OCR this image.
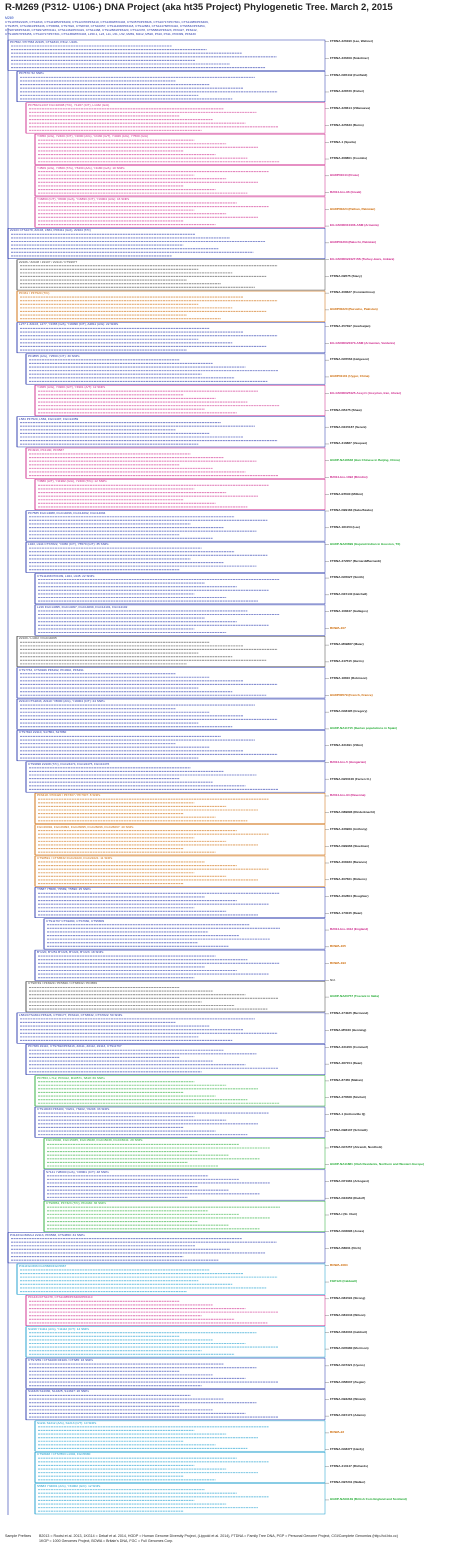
R-M269 (P312- U106-) DNA Project (aka ht35 Project) Phylogenetic Tree. March 2, 2015
M269
CTS1078/Z2105, CTS1843, CTS11985/PF6409, CTS12478/PF6410, CTS1380/PF6403, CTS3575/PF6526, CTS10717/PF7301, CTS11985/PF6409,
CTS3575, CTS4364/PF6436, CTS5884, CTS7822, CTS8728, CTS10057, CTS11468/PF6418, CTS12884, CTS12478/PF6410, CTS6532/PF6454,
CTS8728/PF6449, CTS9972/PF6411, CTS11462/PF6419, CTS11468, CTS12884/PF6420, CTS12478, CTS5884/PF6423, PF6427, PF6442,
CTS10057/PF6456, CTS10717/PF7301, CTS1380/PF6403, L150.1, L23, L11, L51, L52, M269, M412, M520, P310, P311, PF6399, PF6430
PF7562 / PF7563 Z2105, CTS1843, P312- U106-
PF7570: 52 SNPs
PF7562/L1347 FGC10908 (T/C), Y1267 (C/T), L1432 (G/A)
Y3050 (A/G), Y2400 (C/T), Y4000 (A/G), Y2430 (G/T), Y4049 (A/G), Y7500 (G/A)
Y4509 (A/G), Y4500 (T/G), Y5430 (A/G), Y4180 (G/A): 10 SNPs
Y16860 (C/T), Y8000 (G/A), Y16893 (C/T), Y19004 (A/G): 16 SNPs
Z2103 CTS1078, Z2103, L584, PF6411 (G/A), Z2104 (T/C)
Z2106 / Z2108 / Z2107 / Z2110 / CTS9977
PF331 / PF7520 (T/C)
L277.1 Z2103, L277, Y4365 (G/A), Y19090 (C/T), A4811 (A/G): 22 SNPs
PF4855 (A/G), Y2560 (C/T): 30 SNPs
Y4365 (A/G), Y4900 (G/T), Y4901 (A/T): 12 SNPs
L584 PF7520, L584, FGC1407, FGC14359
PF4916, PF4190, PF6587
Y3880 (A/T), Y11902 (G/A), Y2400 (T/G): 12 SNPs
PF7585 FGC14088, FGC14096, FGC14092, FGC14094
L943, L944 CTS7822, Y3450 (C/T), Y5570 (G/T): 35 SNPs
CTS11468 PF6439, L944, L945: 22 SNPs
L216 FGC14095, FGC14097, FGC14099, FGC14101, FGC14102
Z2109 / L1002 / FGC14065
CTS7763, CTS9946 PF6492, PF4902, PF6491
Z2110 CTS1843, Z2110: Y8000 (A/G), Y19004 (C/T): 24 SNPs
CTS7822 Z2110, S17864, S17860
CTS9996 Z2108 (T/C), FGC24474, FGC24475, FGC24476
PF6418 / PF6420 / PF7307 / PF7307: 8 SNPs
FGC26094, FGC26093, FGC26095, FGC26096, FGC26097: 40 SNPs
CTS8591 / CTS6532 FGC21020, FGC21021: 11 SNPs
Y5587 Y5588, Y5589, Y5590: 25 SNPs
CTS11767 CTS9290, CTS7660, CTS5809
BY220, BY251 BY226, BY224, BY223: 18 SNPs
CTS8749 / PF3629 / PF5820 / CTS6532 / PF3659
L584/CTS4364 PF5426, CTS5177, PF6410, CTS6532, CTS7822: 50 SNPs
PF7389 Z2110, CTS7822/PF6416, Z2111, Z2112, Z2113, CTS11767
PF7653, L712, PF6412, M10571, S818: 66 SNPs
CTS10033 PF6400, Y6201, Y6202, Y6203: 33 SNPs
FGC15040, FGC15035, FGC15038, FGC15039, FGC15041: 29 SNPs
S7141 Y28000 (G/A), Y28001 (C/T): 48 SNPs
CTS8954, PF7323 (T/C), PF2430: 36 SNPs
P314/FGC666/L2 Z2113, PF6568, CTS4650: 34 SNPs
P311FGC666 FGC5666/FGC5667
PF1431/CTS1078, CTS11985/PF6409/PF6410
S1199 Y11111 (A/G), Y11112 (C/T): 14 SNPs
CTS7259 / CTS1008 DF109 / CTS85: 16 SNPs
S14326 S14330, S14325, S14327: 20 SNPs
S1211 S1212 (A/G), S1213 (C/T): 10 SNPs
CTS8948 / CTS7863 L1302, FGC5680
S5683 Y34001 (A/G), Y34002 (G/C): 12 SNPs
FTDNA-226190 (Lee, Wehner)
FTDNA-236409 (Sokoliner)
FTDNA-N35442 (Fairfield)
FTDNA-228720 (Fisher)
FTDNA-228614 (Villanueva)
FTDNA-225633 (Burns)
FTDNA-1 (Sparta)
FTDNA-268801 (Coombs)
HGDP01044 (Druze)
B2014-bro-96 (Greek)
HGDP00224 (Pathan, Pakistan)
EG-GS000010406-ASM (Armenia)
HGDP01263 (Balochi, Pakistan)
EG-GS000022427-BS (Turkey-Jews, Ankara)
FTDNA-N9575 (Stacy)
FTDNA-208627 (Constantinou)
HGDP00220 (Burusho, Pakistan)
FTDNA-257397 (Azerbaijan)
EG-GS000020473-ASM (Armenian, Vardenis)
FTDNA-N45563 (Helgeson)
HGDP01101 (Uygur, China)
EG-GS000025425-Assyr1 (Assyrian, Iran, Ahvaz)
FTDNA-N5475 (Shaw)
FTDNA-N105187 (Sereni)
FTDNA-316887 (Vasquez)
HGDP-NA18648 (Han Chinese in Beijing, China)
B2014-bro-1092 (Brindisi)
FTDNA-E5590 (Million)
FTDNA-N99183 (Sabo/Szabo)
FTDNA-181153 (Lee)
HGDP-NA20899 (Gujarati Indian in Houston, TX)
FTDNA-272057 (Bernardi/Bernardi)
FTDNA-N45627 (Smith)
FTDNA-N15140 (Hatchell)
FTDNA-108347 (Gallegos)
BOWA-107
FTDNA-M69887 (Maier)
FTDNA-247515 (Harris)
FTDNA-18810 (Robinson)
HGDP00579 (French, France)
FTDNA-N48495 (Gregory)
HGDP-NA11715 (Iberian populations in Spain)
FTDNA-331391 (Villon)
B2014-bro-5 (Hungarian)
FTDNA-N200100 (Farren O.)
B2014-bro-94 (Ravenna)
FTDNA-N89896 (Rinderknecht)
FTDNA-236969 (Anthony)
FTDNA-N99966 (Steelman)
FTDNA-208183 (Baranov)
FTDNA-307661 (Dickens)
FTDNA-202804 (Boughter)
FTDNA-173045 (Dean)
B2014-bro-4312 (England)
BOWA-105
BOWA-193
N/A
HGDP-NA20757 (Toscani in Italia)
FTDNA-274025 (Bermond)
FTDNA-M5040 (Henning)
FTDNA-231206 (Commerl)
FTDNA-287154 (Dean)
FTDNA-87450 (Mahan)
FTDNA-276568 (Sinclair)
FTDNA-1 (Holtonville Q)
FTDNA-N98137 (Schmidt)
FTDNA-N47257 (Ahrendt, Nordholz)
HGDP-NA11881 (Utah Residents, Northern and Western Europe)
FTDNA-N71981 (Arbogast)
FTDNA-N16950 (Rudolf)
FTDNA-I (St. Clair)
FTDNA-N46896 (Jones)
FTDNA-B8001 (Fitch)
BOWA-1084
FGP124 (Caldwell)
FTDNA-N81591 (Strong)
FTDNA-N81643 (Wilson)
FTDNA-N64004 (Gebhart)
FTDNA-N45980 (Morrison)
FTDNA-N47321 (Uyeno)
FTDNA-N58637 (Ziegler)
FTDNA-N93284 (Winant)
FTDNA-N15174 (Adams)
BOWA-22
FTDNA-N48377 (Hardy)
FTDNA-210147 (Richards)
FTDNA-N97231 (Walker)
HGDP-NA09139 (British from England and Scotland)
Sample Prefixes B2013 = Rootsi et al. 2013, 1KG14 = Dekaf et al. 2014, HGDP = Human Genome Diversity Project, (Lippold et al. 2014), FTDNA = Family Tree DNA, PGP = Personal Genome Project, CGI/Complete Genomics (http://cd.bio.cc)
1KGP = 1000 Genomes Project, BOWA = Britain's DNA, FGC = Full Genomes Corp.
